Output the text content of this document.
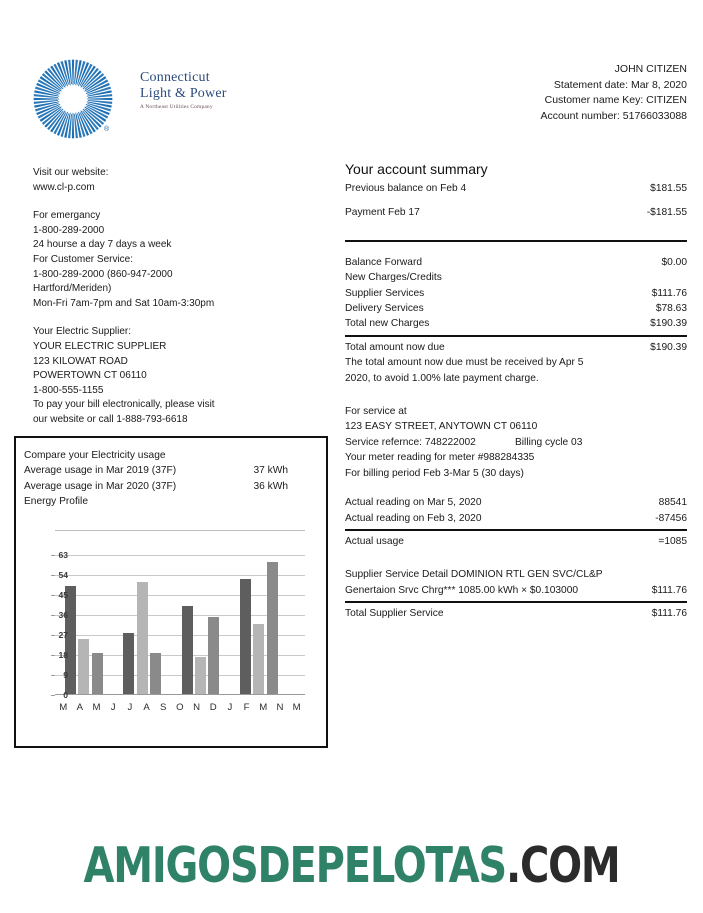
®
Connecticut
Light & Power
A Northeast Utilities Company
JOHN CITIZEN
Statement date: Mar 8, 2020
Customer name Key: CITIZEN
Account number: 51766033088
Visit our website:
www.cl-p.com
For emergancy
1-800-289-2000
24 hourse a day 7 days a week
For Customer Service:
1-800-289-2000 (860-947-2000
Hartford/Meriden)
Mon-Fri 7am-7pm and Sat 10am-3:30pm
Your Electric Supplier:
YOUR ELECTRIC SUPPLIER
123 KILOWAT ROAD
POWERTOWN CT 06110
1-800-555-1155
To pay your bill electronically, please visit
our website or call 1-888-793-6618
Your account summary
Previous balance on Feb 4	$181.55
Payment Feb 17	-$181.55
Balance Forward	$0.00
New Charges/Credits
Supplier Services	$111.76
Delivery Services	$78.63
Total new Charges	$190.39
Total amount now due	$190.39
The total amount now due must be received by Apr 5
2020, to avoid 1.00% late payment charge.
For service at
123 EASY STREET, ANYTOWN CT 06110
Service refernce: 748222002	Billing cycle 03
Your meter reading for meter #988284335
For billing period Feb 3-Mar 5 (30 days)
Actual reading on Mar 5, 2020	88541
Actual reading on Feb 3, 2020	-87456
Actual usage	=1085
Supplier Service Detail DOMINION RTL GEN SVC/CL&P
Genertaion Srvc Chrg*** 1085.00 kWh × $0.103000	$111.76
Total Supplier Service	$111.76
Compare your Electricity usage
Average usage in Mar 2019 (37F)	37 kWh
Average usage in Mar 2020 (37F)	36 kWh
Energy Profile
0
9
18
27
36
45
54
63
M A M	J	J	A	S O N D	J	F M N M
AMIGOSDEPELOTAS.COM
